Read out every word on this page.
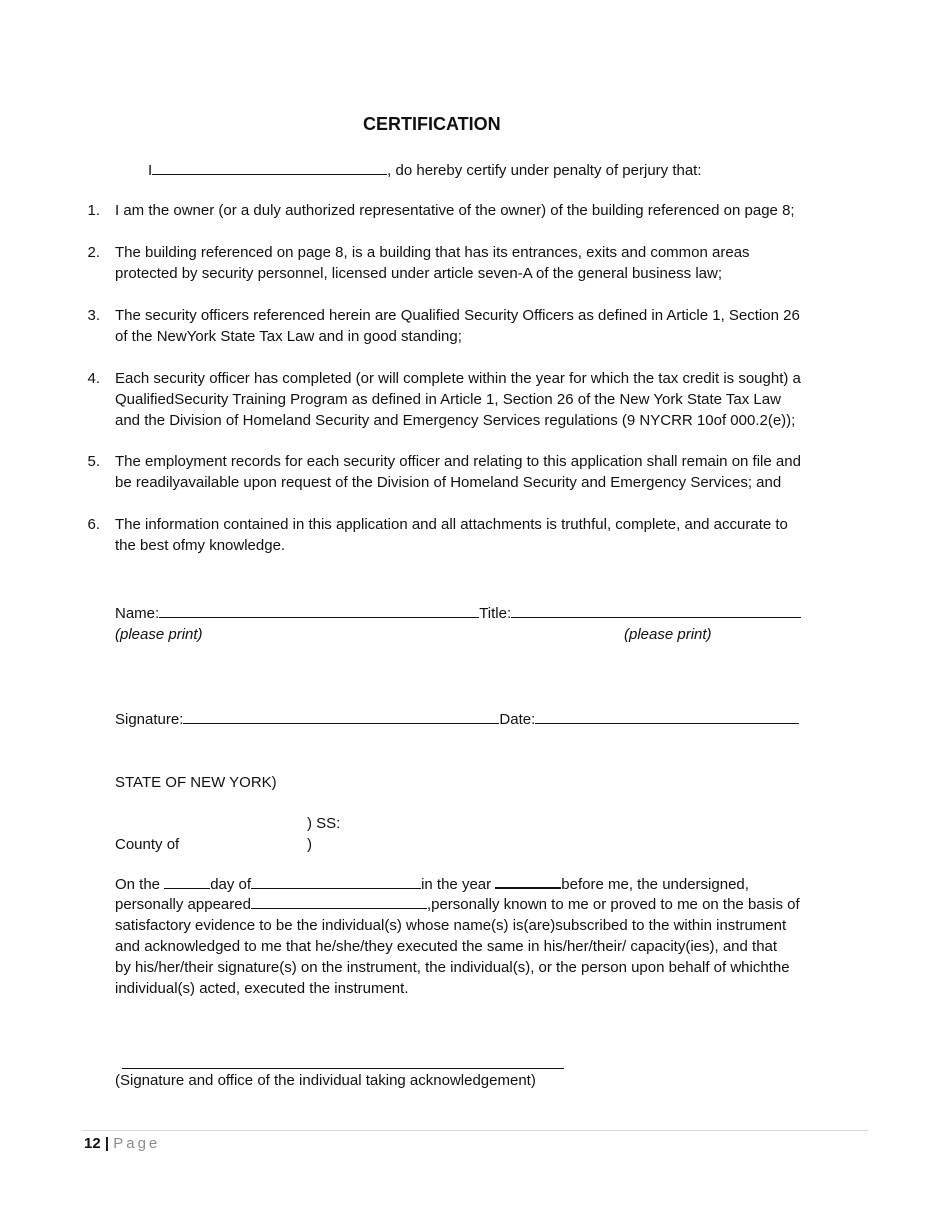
CERTIFICATION
I	, do hereby certify under penalty of perjury that:
1. I am the owner (or a duly authorized representative of the owner) of the building referenced on page 8;
2. The building referenced on page 8, is a building that has its entrances, exits and common areas
protected by security personnel, licensed under article seven-A of the general business law;
3. The security officers referenced herein are Qualified Security Officers as defined in Article 1, Section 26
of the NewYork State Tax Law and in good standing;
4. Each security officer has completed (or will complete within the year for which the tax credit is sought) a
QualifiedSecurity Training Program as defined in Article 1, Section 26 of the New York State Tax Law
and the Division of Homeland Security and Emergency Services regulations (9 NYCRR 10of 000.2(e));
5. The employment records for each security officer and relating to this application shall remain on file and
be readilyavailable upon request of the Division of Homeland Security and Emergency Services; and
6. The information contained in this application and all attachments is truthful, complete, and accurate to
the best ofmy knowledge.
Name:	Title:
(please print)	(please print)
Signature:	Date:
STATE OF NEW YORK)
) SS:
County of	)
On the	day of	in the year	before me, the undersigned,
personally appeared	,personally known to me or proved to me on the basis of
satisfactory evidence to be the individual(s) whose name(s) is(are)subscribed to the within instrument
and acknowledged to me that he/she/they executed the same in his/her/their/ capacity(ies), and that
by his/her/their signature(s) on the instrument, the individual(s), or the person upon behalf of whichthe
individual(s) acted, executed the instrument.
(Signature and office of the individual taking acknowledgement)
12 | Page
